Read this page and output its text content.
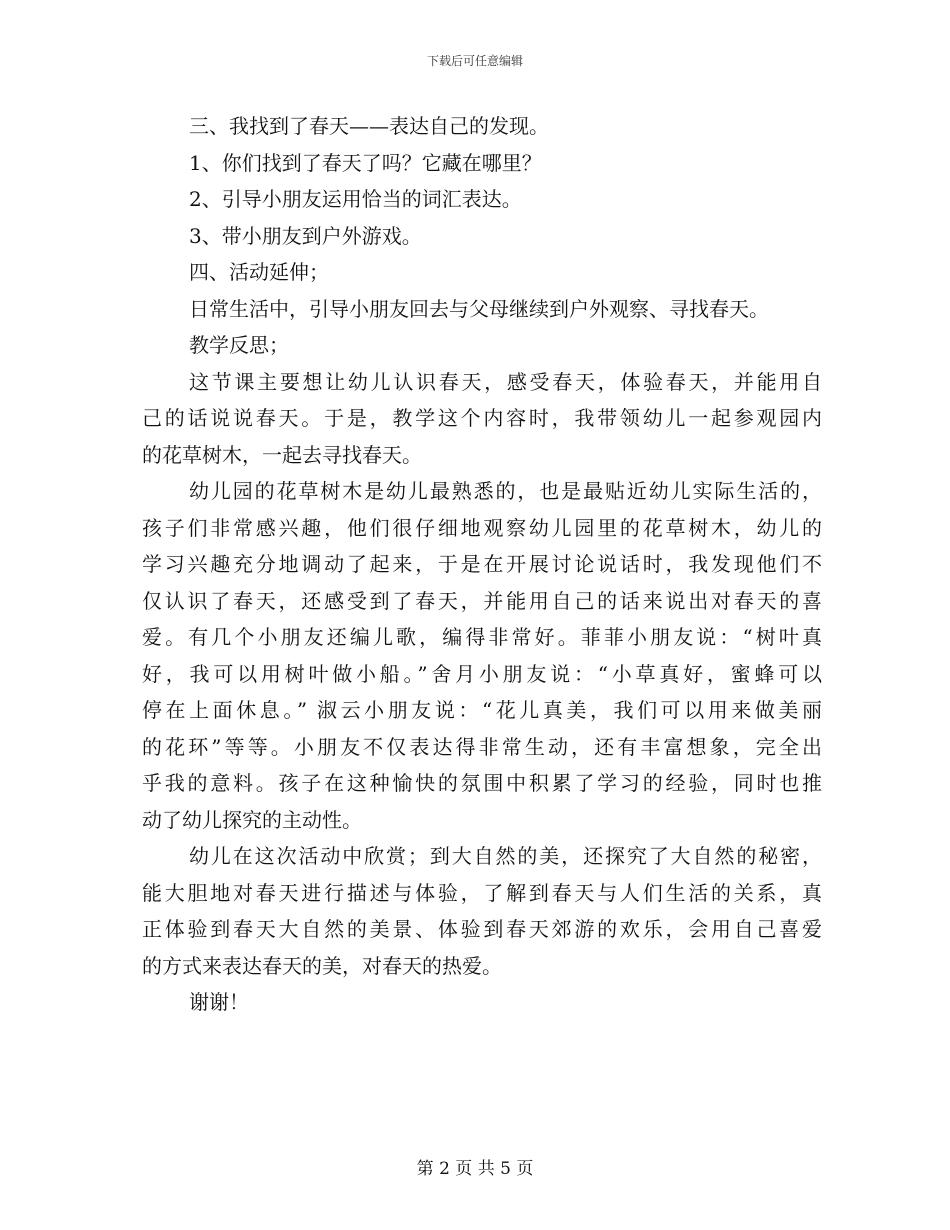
下载后可任意编辑
三、我找到了春天——表达自己的发现。
1、你们找到了春天了吗？它藏在哪里？
2、引导小朋友运用恰当的词汇表达。
3、带小朋友到户外游戏。
四、活动延伸；
日常生活中，引导小朋友回去与父母继续到户外观察、寻找春天。
教学反思；
这节课主要想让幼儿认识春天，感受春天，体验春天，并能用自
己的话说说春天。于是，教学这个内容时，我带领幼儿一起参观园内
的花草树木，一起去寻找春天。
幼儿园的花草树木是幼儿最熟悉的，也是最贴近幼儿实际生活的，
孩子们非常感兴趣，他们很仔细地观察幼儿园里的花草树木，幼儿的
学习兴趣充分地调动了起来，于是在开展讨论说话时，我发现他们不
仅认识了春天，还感受到了春天，并能用自己的话来说出对春天的喜
爱。有几个小朋友还编儿歌，编得非常好。菲菲小朋友说：“树叶真
好，我可以用树叶做小船。”舍月小朋友说：“小草真好，蜜蜂可以
停在上面休息。” 淑云小朋友说：“花儿真美，我们可以用来做美丽
的花环”等等。小朋友不仅表达得非常生动，还有丰富想象，完全出
乎我的意料。孩子在这种愉快的氛围中积累了学习的经验，同时也推
动了幼儿探究的主动性。
幼儿在这次活动中欣赏；到大自然的美，还探究了大自然的秘密，
能大胆地对春天进行描述与体验，了解到春天与人们生活的关系，真
正体验到春天大自然的美景、体验到春天郊游的欢乐，会用自己喜爱
的方式来表达春天的美，对春天的热爱。
谢谢！
第 2 页 共 5 页
